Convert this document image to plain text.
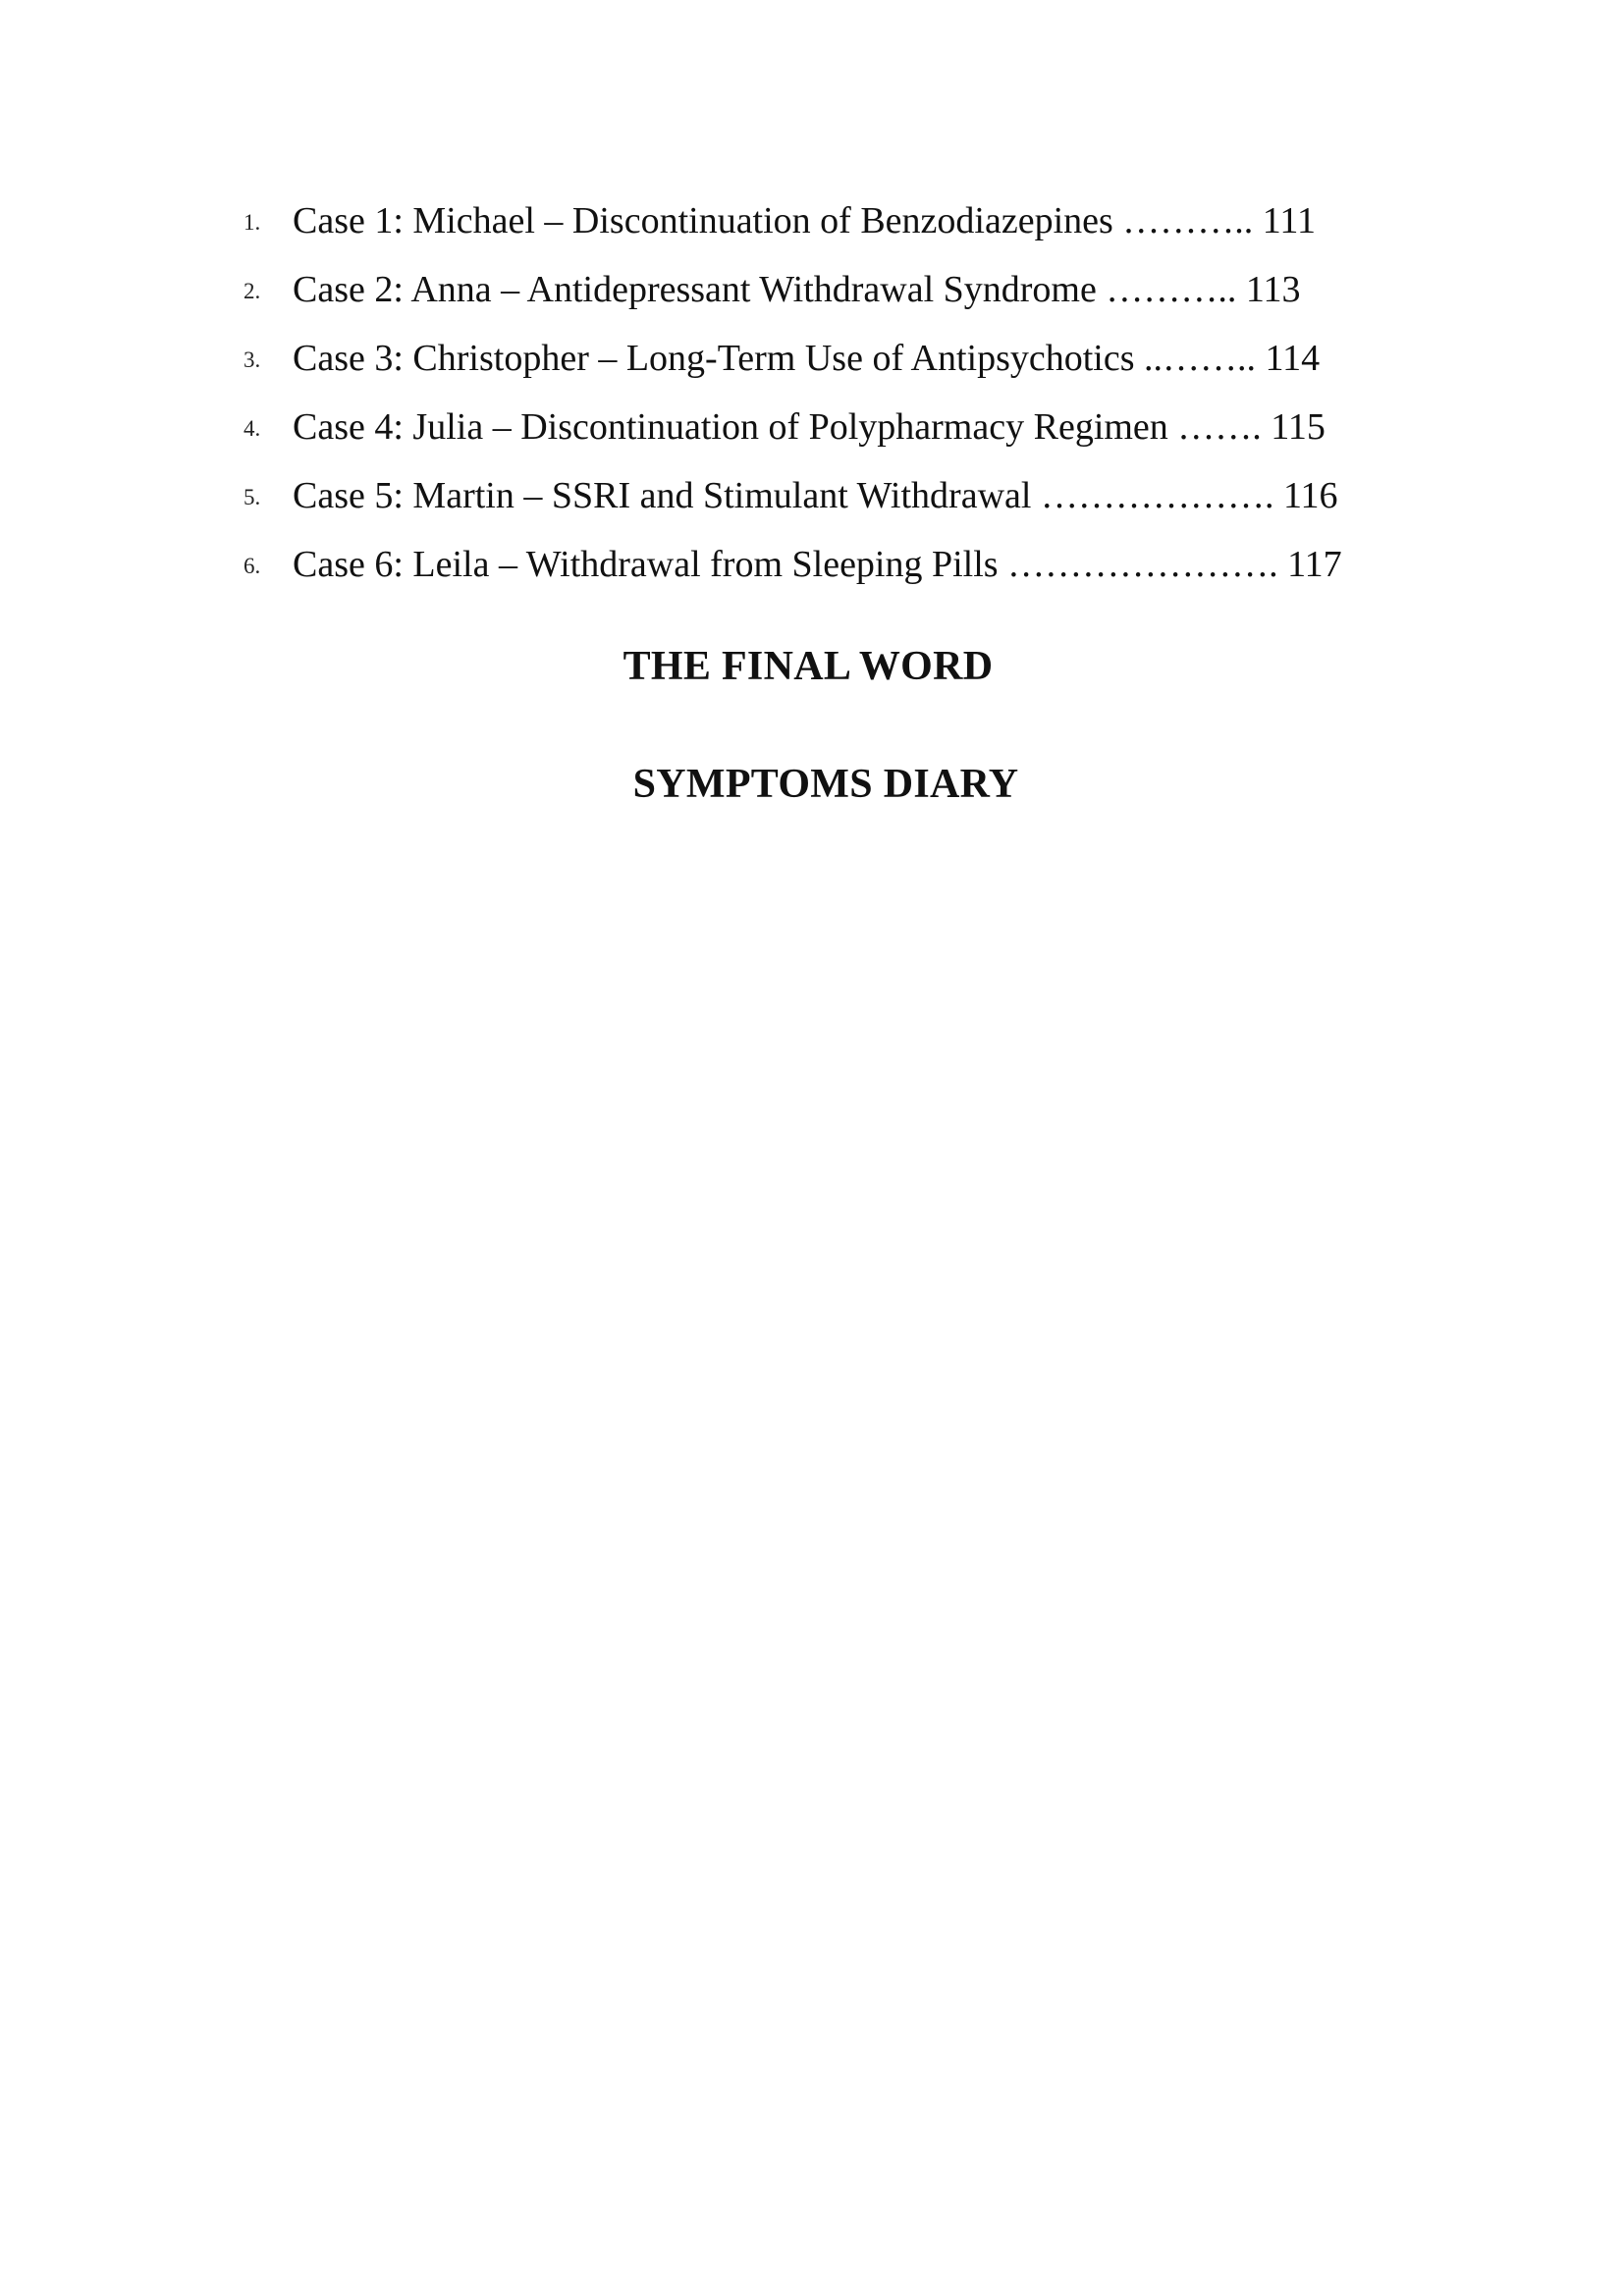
1. Case 1: Michael – Discontinuation of Benzodiazepines ……….. 111
2. Case 2: Anna – Antidepressant Withdrawal Syndrome ……….. 113
3. Case 3: Christopher – Long-Term Use of Antipsychotics ..…….. 114
4. Case 4: Julia – Discontinuation of Polypharmacy Regimen ……. 115
5. Case 5: Martin – SSRI and Stimulant Withdrawal ………………. 116
6. Case 6: Leila – Withdrawal from Sleeping Pills …………………. 117
THE FINAL WORD
SYMPTOMS DIARY
